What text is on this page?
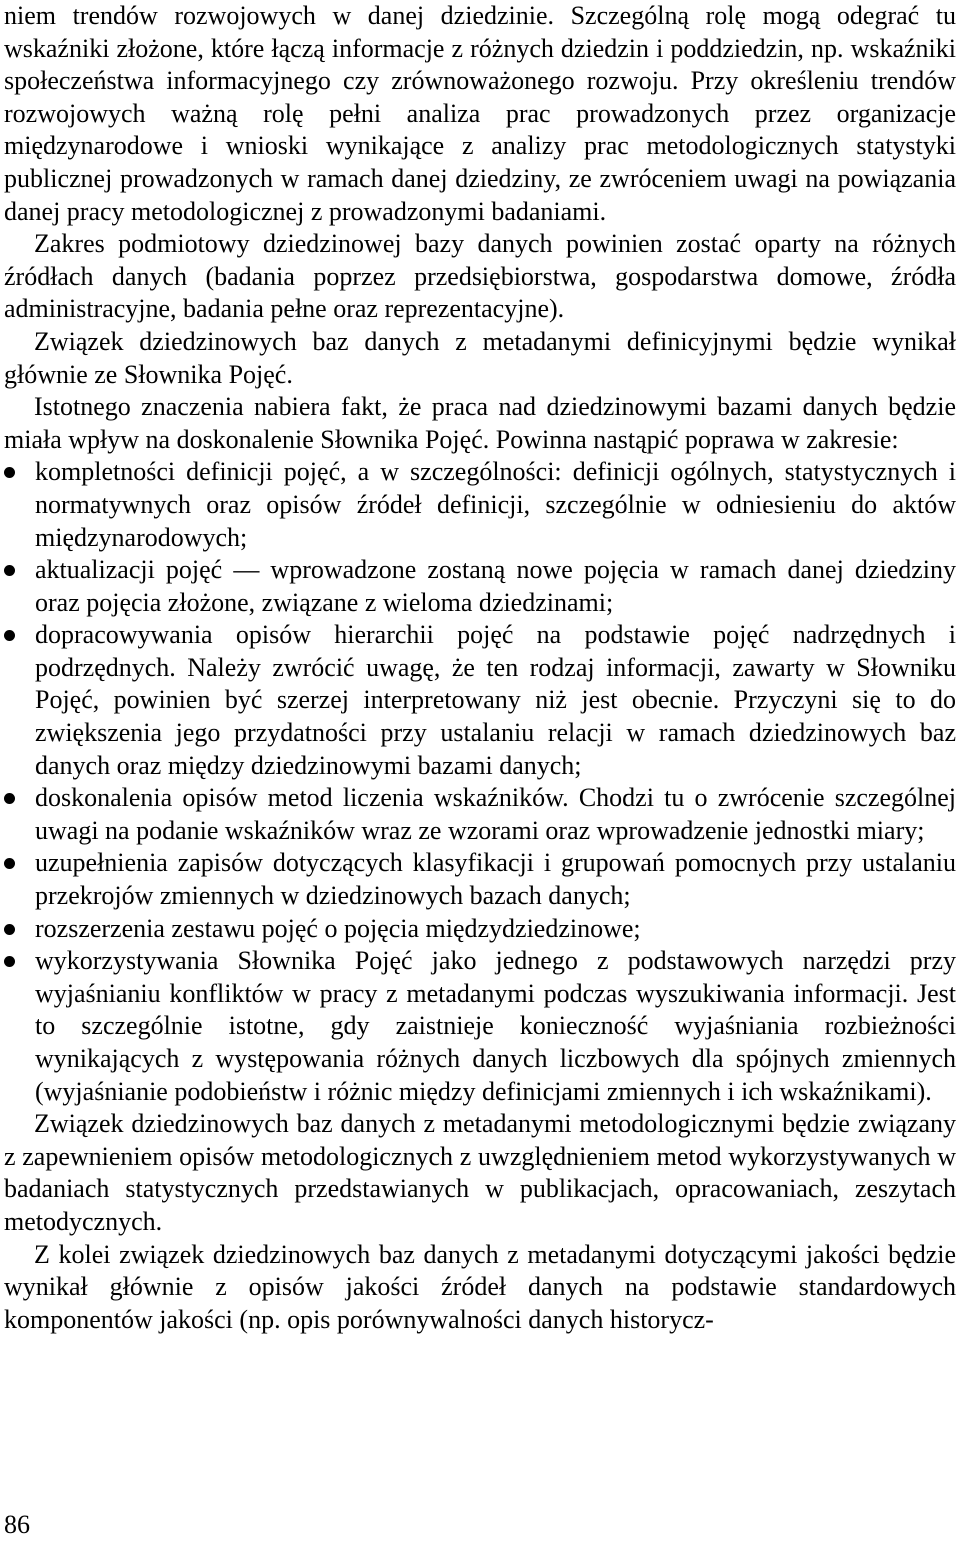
niem trendów rozwojowych w danej dziedzinie. Szczególną rolę mogą odegrać tu wskaźniki złożone, które łączą informacje z różnych dziedzin i poddziedzin, np. wskaźniki społeczeństwa informacyjnego czy zrównoważonego rozwoju. Przy określeniu trendów rozwojowych ważną rolę pełni analiza prac prowadzonych przez organizacje międzynarodowe i wnioski wynikające z analizy prac metodologicznych statystyki publicznej prowadzonych w ramach danej dziedziny, ze zwróceniem uwagi na powiązania danej pracy metodologicznej z prowadzonymi badaniami.

Zakres podmiotowy dziedzinowej bazy danych powinien zostać oparty na różnych źródłach danych (badania poprzez przedsiębiorstwa, gospodarstwa domowe, źródła administracyjne, badania pełne oraz reprezentacyjne).

Związek dziedzinowych baz danych z metadanymi definicyjnymi będzie wynikał głównie ze Słownika Pojęć.

Istotnego znaczenia nabiera fakt, że praca nad dziedzinowymi bazami danych będzie miała wpływ na doskonalenie Słownika Pojęć. Powinna nastąpić poprawa w zakresie:

kompletności definicji pojęć, a w szczególności: definicji ogólnych, statystycznych i normatywnych oraz opisów źródeł definicji, szczególnie w odniesieniu do aktów międzynarodowych;
aktualizacji pojęć — wprowadzone zostaną nowe pojęcia w ramach danej dziedziny oraz pojęcia złożone, związane z wieloma dziedzinami;
dopracowywania opisów hierarchii pojęć na podstawie pojęć nadrzędnych i podrzędnych. Należy zwrócić uwagę, że ten rodzaj informacji, zawarty w Słowniku Pojęć, powinien być szerzej interpretowany niż jest obecnie. Przyczyni się to do zwiększenia jego przydatności przy ustalaniu relacji w ramach dziedzinowych baz danych oraz między dziedzinowymi bazami danych;
doskonalenia opisów metod liczenia wskaźników. Chodzi tu o zwrócenie szczególnej uwagi na podanie wskaźników wraz ze wzorami oraz wprowadzenie jednostki miary;
uzupełnienia zapisów dotyczących klasyfikacji i grupowań pomocnych przy ustalaniu przekrojów zmiennych w dziedzinowych bazach danych;
rozszerzenia zestawu pojęć o pojęcia międzydziedzinowe;
wykorzystywania Słownika Pojęć jako jednego z podstawowych narzędzi przy wyjaśnianiu konfliktów w pracy z metadanymi podczas wyszukiwania informacji. Jest to szczególnie istotne, gdy zaistnieje konieczność wyjaśniania rozbieżności wynikających z występowania różnych danych liczbowych dla spójnych zmiennych (wyjaśnianie podobieństw i różnic między definicjami zmiennych i ich wskaźnikami).

Związek dziedzinowych baz danych z metadanymi metodologicznymi będzie związany z zapewnieniem opisów metodologicznych z uwzględnieniem metod wykorzystywanych w badaniach statystycznych przedstawianych w publikacjach, opracowaniach, zeszytach metodycznych.

Z kolei związek dziedzinowych baz danych z metadanymi dotyczącymi jakości będzie wynikał głównie z opisów jakości źródeł danych na podstawie standardowych komponentów jakości (np. opis porównywalności danych historycz-

86
